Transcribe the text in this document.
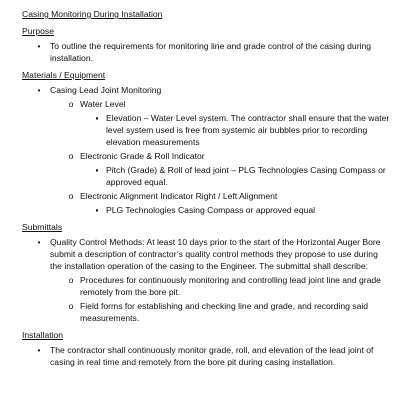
Casing Monitoring During Installation
Purpose
•	To outline the requirements for monitoring line and grade control of the casing during installation.
Materials / Equipment
•	Casing Lead Joint Monitoring
o Water Level
▪ Elevation – Water Level system. The contractor shall ensure that the water level system used is free from systemic air bubbles prior to recording elevation measurements
o Electronic Grade & Roll Indicator
▪ Pitch (Grade) & Roll of lead joint – PLG Technologies Casing Compass or approved equal.
o Electronic Alignment Indicator Right / Left Alignment
▪ PLG Technologies Casing Compass or approved equal
Submittals
•	Quality Control Methods: At least 10 days prior to the start of the Horizontal Auger Bore submit a description of contractor’s quality control methods they propose to use during the installation operation of the casing to the Engineer. The submittal shall describe:
o Procedures for continuously monitoring and controlling lead joint line and grade remotely from the bore pit.
o Field forms for establishing and checking line and grade, and recording said measurements.
Installation
•	The contractor shall continuously monitor grade, roll, and elevation of the lead joint of casing in real time and remotely from the bore pit during casing installation.
